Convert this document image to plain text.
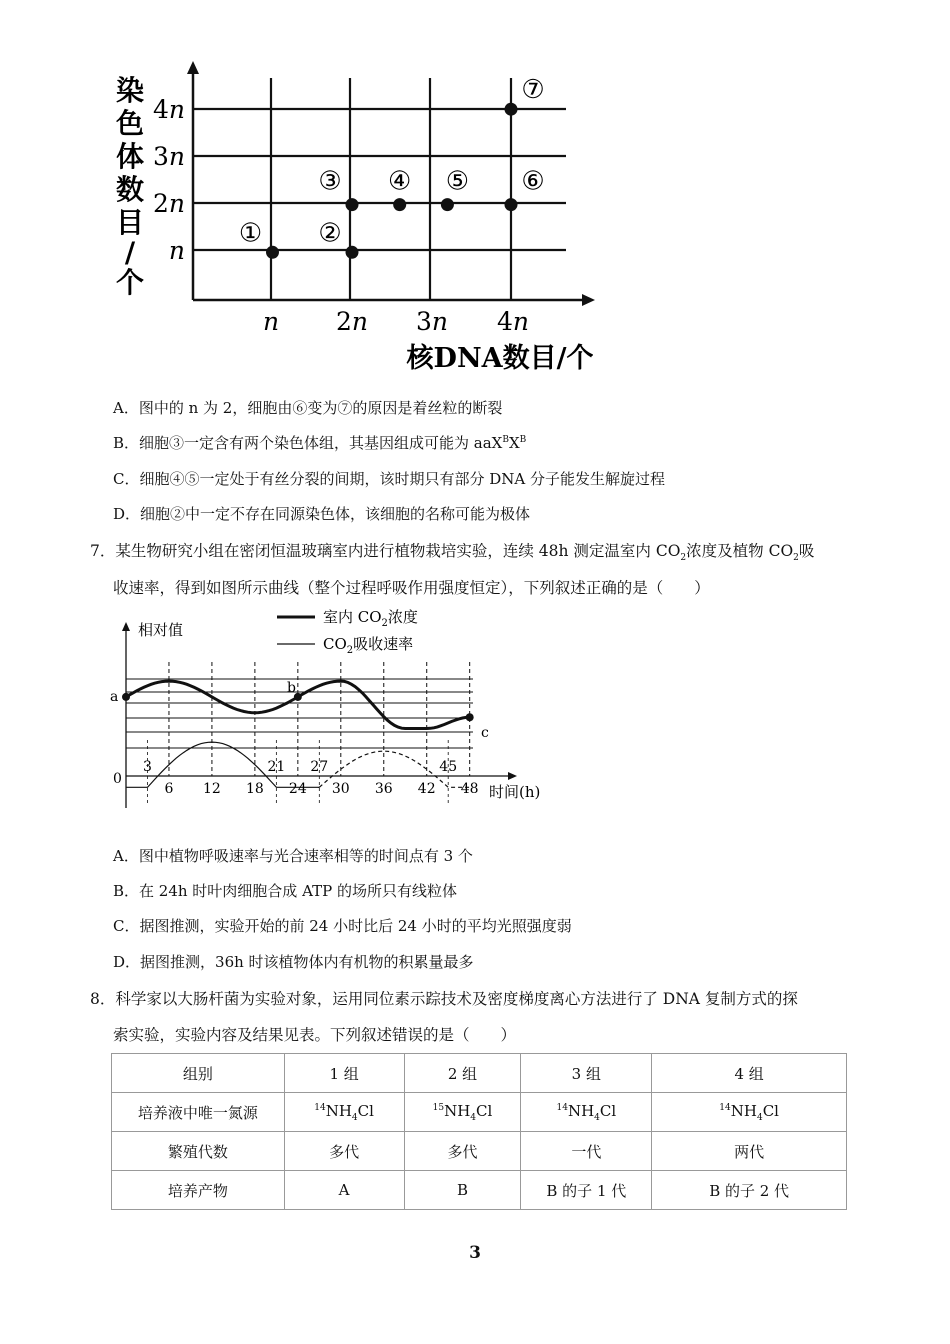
染
色
体
数
目
/
个
n
2n
3n
4n
n 2n 3n 4n
核DNA数目/个
① ②
③ ④ ⑤ ⑥
⑦
A．图中的 n 为 2，细胞由⑥变为⑦的原因是着丝粒的断裂
B．细胞③一定含有两个染色体组，其基因组成可能为 $aaX^BX^B$
C．细胞④⑤一定处于有丝分裂的间期，该时期只有部分 DNA 分子能发生解旋过程
D．细胞②中一定不存在同源染色体，该细胞的名称可能为极体
7．某生物研究小组在密闭恒温玻璃室内进行植物栽培实验，连续 48h 测定温室内 $CO_2$浓度及植物 $CO_2$吸
收速率，得到如图所示曲线（整个过程呼吸作用强度恒定），下列叙述正确的是（　　）
室内 $CO_2$浓度
$CO_2$吸收速率
相对值
0
时间(h)
6 12 18 24 30 36 42 48
3	21 27	45
a
b
c
A．图中植物呼吸速率与光合速率相等的时间点有 3 个
B．在 24h 时叶肉细胞合成 ATP 的场所只有线粒体
C．据图推测，实验开始的前 24 小时比后 24 小时的平均光照强度弱
D．据图推测，36h 时该植物体内有机物的积累量最多
8．科学家以大肠杆菌为实验对象，运用同位素示踪技术及密度梯度离心方法进行了 DNA 复制方式的探
索实验，实验内容及结果见表。下列叙述错误的是（　　）
组别	1 组	2 组	3 组	4 组
培养液中唯一氮源	$^{14}NH_4Cl$	$^{15}NH_4Cl$	$^{14}NH_4Cl$	$^{14}NH_4Cl$
繁殖代数	多代	多代	一代	两代
培养产物	A	B	B 的子 1 代	B 的子 2 代
3
